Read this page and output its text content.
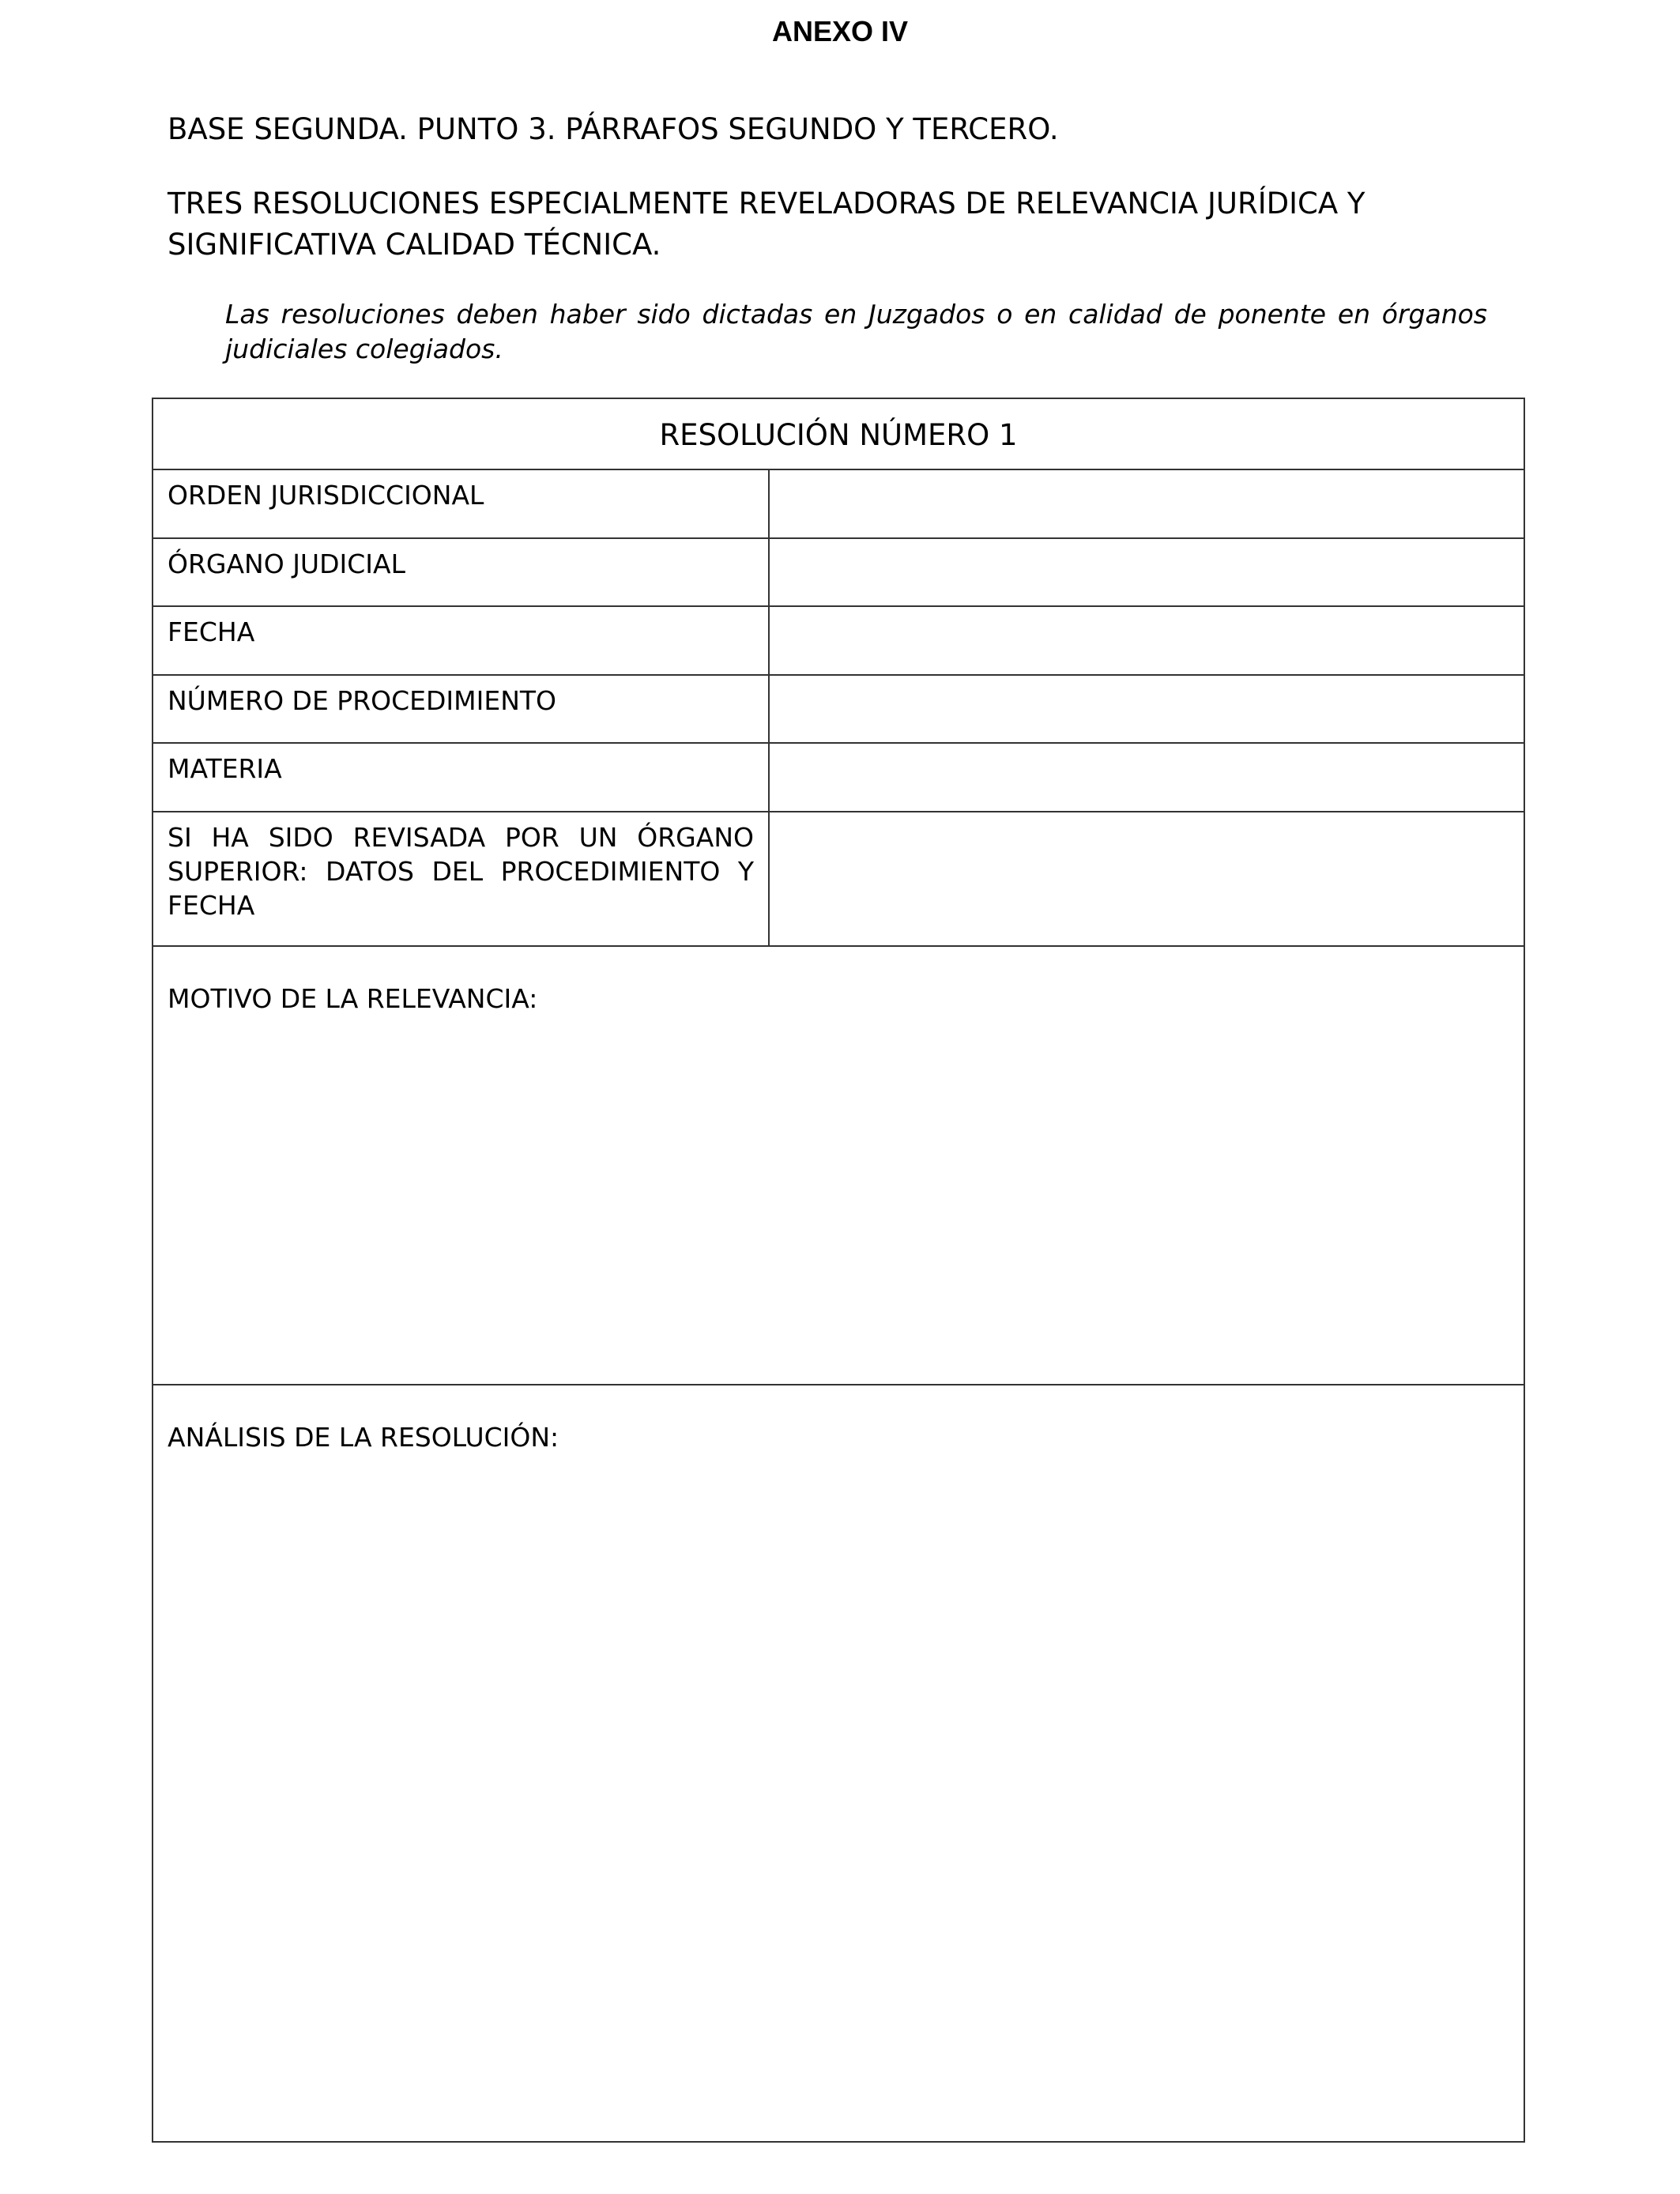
ANEXO IV
BASE SEGUNDA. PUNTO 3. PÁRRAFOS SEGUNDO Y TERCERO.
TRES RESOLUCIONES ESPECIALMENTE REVELADORAS DE RELEVANCIA JURÍDICA Y
SIGNIFICATIVA CALIDAD TÉCNICA.
Las resoluciones deben haber sido dictadas en Juzgados o en calidad de ponente en órganos judiciales colegiados.
RESOLUCIÓN NÚMERO 1
ORDEN JURISDICCIONAL
ÓRGANO JUDICIAL
FECHA
NÚMERO DE PROCEDIMIENTO
MATERIA
SI HA SIDO REVISADA POR UN ÓRGANO SUPERIOR: DATOS DEL PROCEDIMIENTO Y FECHA
MOTIVO DE LA RELEVANCIA:
ANÁLISIS DE LA RESOLUCIÓN:
